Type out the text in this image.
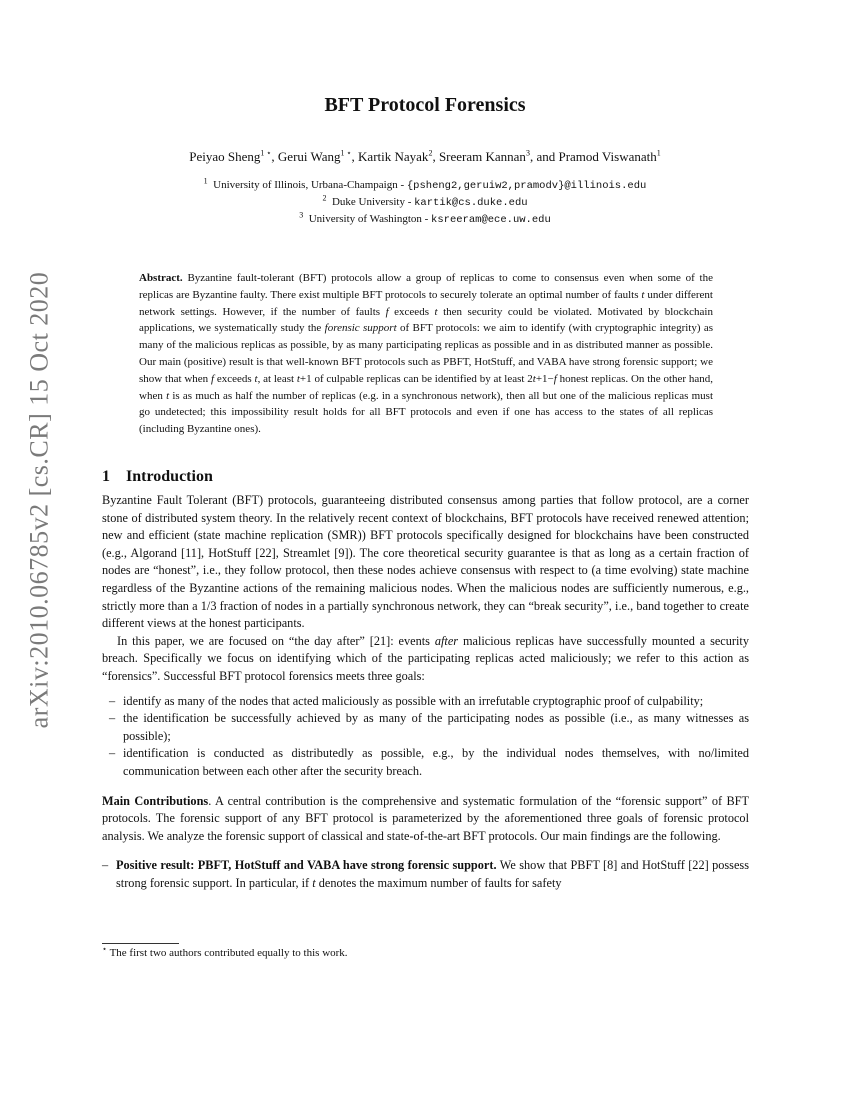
arXiv:2010.06785v2 [cs.CR] 15 Oct 2020
BFT Protocol Forensics
Peiyao Sheng$^{1 ⋆}$, Gerui Wang$^{1 ⋆}$, Kartik Nayak$^2$, Sreeram Kannan$^3$, and Pramod Viswanath$^1$
$^1$ University of Illinois, Urbana-Champaign - {psheng2,geruiw2,pramodv}@illinois.edu
$^2$ Duke University - kartik@cs.duke.edu
$^3$ University of Washington - ksreeram@ece.uw.edu
Abstract. Byzantine fault-tolerant (BFT) protocols allow a group of replicas to come to consensus even when some of the replicas are Byzantine faulty. There exist multiple BFT protocols to securely tolerate an optimal number of faults t under different network settings. However, if the number of faults f exceeds t then security could be violated. Motivated by blockchain applications, we systematically study the forensic support of BFT protocols: we aim to identify (with cryptographic integrity) as many of the malicious replicas as possible, by as many participating replicas as possible and in as distributed manner as possible. Our main (positive) result is that well-known BFT protocols such as PBFT, HotStuff, and VABA have strong forensic support; we show that when f exceeds t, at least t+1 of culpable replicas can be identified by at least 2t+1−f honest replicas. On the other hand, when t is as much as half the number of replicas (e.g. in a synchronous network), then all but one of the malicious replicas must go undetected; this impossibility result holds for all BFT protocols and even if one has access to the states of all replicas (including Byzantine ones).
1 Introduction

Byzantine Fault Tolerant (BFT) protocols, guaranteeing distributed consensus among parties that follow protocol, are a corner stone of distributed system theory. In the relatively recent context of blockchains, BFT protocols have received renewed attention; new and efficient (state machine replication (SMR)) BFT protocols specifically designed for blockchains have been constructed (e.g., Algorand [11], HotStuff [22], Streamlet [9]). The core theoretical security guarantee is that as long as a certain fraction of nodes are “honest”, i.e., they follow protocol, then these nodes achieve consensus with respect to (a time evolving) state machine regardless of the Byzantine actions of the remaining malicious nodes. When the malicious nodes are sufficiently numerous, e.g., strictly more than a 1/3 fraction of nodes in a partially synchronous network, they can “break security”, i.e., band together to create different views at the honest participants.

In this paper, we are focused on “the day after” [21]: events after malicious replicas have successfully mounted a security breach. Specifically we focus on identifying which of the participating replicas acted maliciously; we refer to this action as “forensics”. Successful BFT protocol forensics meets three goals:

– identify as many of the nodes that acted maliciously as possible with an irrefutable cryptographic proof of culpability;
– the identification be successfully achieved by as many of the participating nodes as possible (i.e., as many witnesses as possible);
– identification is conducted as distributedly as possible, e.g., by the individual nodes themselves, with no/limited communication between each other after the security breach.

Main Contributions. A central contribution is the comprehensive and systematic formulation of the “forensic support” of BFT protocols. The forensic support of any BFT protocol is parameterized by the aforementioned three goals of forensic protocol analysis. We analyze the forensic support of classical and state-of-the-art BFT protocols. Our main findings are the following.

– Positive result: PBFT, HotStuff and VABA have strong forensic support. We show that PBFT [8] and HotStuff [22] possess strong forensic support. In particular, if t denotes the maximum number of faults for safety

⋆ The first two authors contributed equally to this work.
